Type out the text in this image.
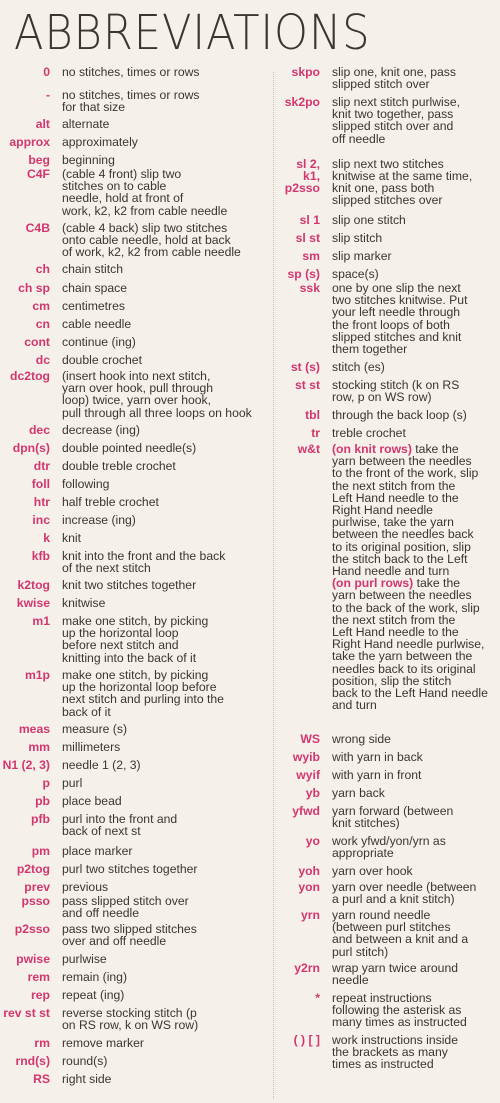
ABBREVIATIONS
0 no stitches, times or rows
- no stitches, times or rows
for that size
alt alternate
approx approximately
beg beginning
C4F (cable 4 front) slip two
stitches on to cable
needle, hold at front of
work, k2, k2 from cable needle
C4B (cable 4 back) slip two stitches
onto cable needle, hold at back
of work, k2, k2 from cable needle
ch chain stitch
ch sp chain space
cm centimetres
cn cable needle
cont continue (ing)
dc double crochet
dc2tog (insert hook into next stitch,
yarn over hook, pull through
loop) twice, yarn over hook,
pull through all three loops on hook
dec decrease (ing)
dpn(s) double pointed needle(s)
dtr double treble crochet
foll following
htr half treble crochet
inc increase (ing)
k knit
kfb knit into the front and the back
of the next stitch
k2tog knit two stitches together
kwise knitwise
m1 make one stitch, by picking
up the horizontal loop
before next stitch and
knitting into the back of it
m1p make one stitch, by picking
up the horizontal loop before
next stitch and purling into the
back of it
meas measure (s)
mm millimeters
N1 (2, 3) needle 1 (2, 3)
p purl
pb place bead
pfb purl into the front and
back of next st
pm place marker
p2tog purl two stitches together
prev previous
psso pass slipped stitch over
and off needle
p2sso pass two slipped stitches
over and off needle
pwise purlwise
rem remain (ing)
rep repeat (ing)
rev st st reverse stocking stitch (p
on RS row, k on WS row)
rm remove marker
rnd(s) round(s)
RS right side
skpo slip one, knit one, pass
slipped stitch over
sk2po slip next stitch purlwise,
knit two together, pass
slipped stitch over and
off needle
sl 2, k1,
slip next two stitches
knitwise at the same time,
p2sso knit one, pass both
slipped stitches over
sl 1 slip one stitch
sl st slip stitch
sm slip marker
sp (s) space(s)
ssk one by one slip the next
two stitches knitwise. Put
your left needle through
the front loops of both
slipped stitches and knit
them together
st (s) stitch (es)
st st stocking stitch (k on RS
row, p on WS row)
tbl through the back loop (s)
tr treble crochet
w&t (on knit rows) take the
yarn between the needles
to the front of the work, slip
the next stitch from the
Left Hand needle to the
Right Hand needle
purlwise, take the yarn
between the needles back
to its original position, slip
the stitch back to the Left
Hand needle and turn
(on purl rows) take the
yarn between the needles
to the back of the work, slip
the next stitch from the
Left Hand needle to the
Right Hand needle purlwise,
take the yarn between the
needles back to its original
position, slip the stitch
back to the Left Hand needle
and turn
WS wrong side
wyib with yarn in back
wyif with yarn in front
yb yarn back
yfwd yarn forward (between
knit stitches)
yo work yfwd/yon/yrn as
appropriate
yoh yarn over hook
yon yarn over needle (between
a purl and a knit stitch)
yrn yarn round needle
(between purl stitches
and between a knit and a
purl stitch)
y2rn wrap yarn twice around
needle
* repeat instructions
following the asterisk as
many times as instructed
( ) [ ] work instructions inside
the brackets as many
times as instructed
